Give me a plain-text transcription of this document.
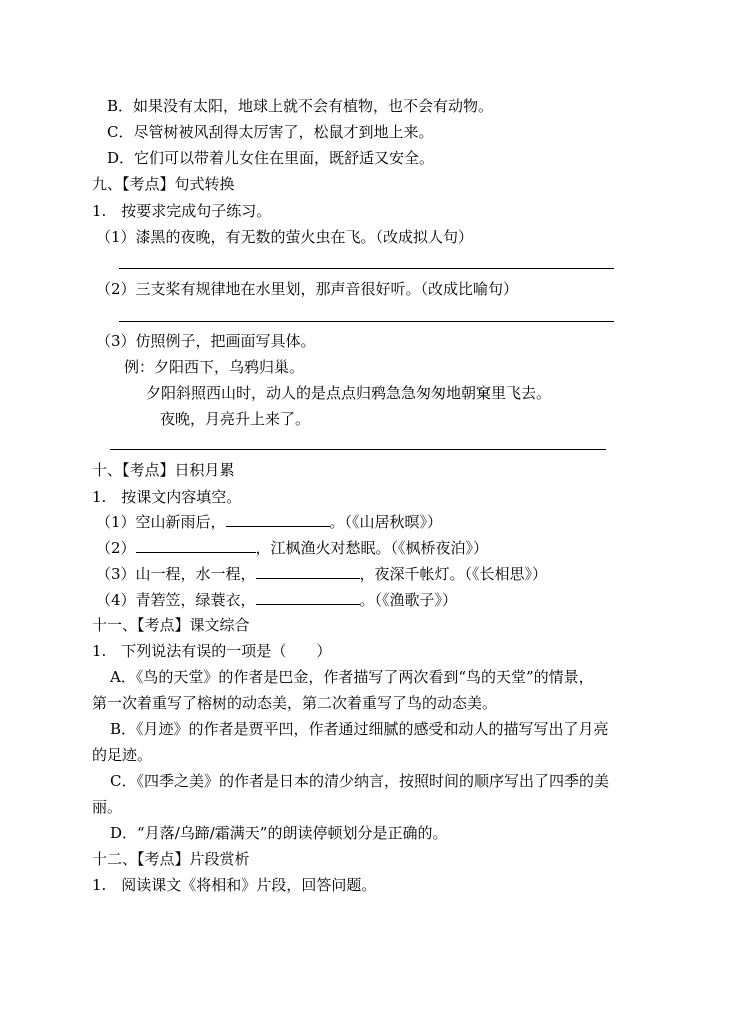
B．如果没有太阳，地球上就不会有植物，也不会有动物。
C．尽管树被风刮得太厉害了，松鼠才到地上来。
D．它们可以带着儿女住在里面，既舒适又安全。
九、【考点】句式转换
1.　按要求完成句子练习。
（1）漆黑的夜晚，有无数的萤火虫在飞。（改成拟人句）
（2）三支桨有规律地在水里划，那声音很好听。（改成比喻句）
（3）仿照例子，把画面写具体。
例：夕阳西下，乌鸦归巢。
夕阳斜照西山时，动人的是点点归鸦急急匆匆地朝窠里飞去。
夜晚，月亮升上来了。
十、【考点】日积月累
1.　按课文内容填空。
（1）空山新雨后，	。（《山居秋暝》）
（2）	，江枫渔火对愁眠。（《枫桥夜泊》）
（3）山一程，水一程，	，夜深千帐灯。（《长相思》）
（4）青箬笠，绿蓑衣，	。（《渔歌子》）
十一、【考点】课文综合
1.　下列说法有误的一项是（　　）
A．《鸟的天堂》的作者是巴金，作者描写了两次看到“鸟的天堂”的情景，
第一次着重写了榕树的动态美，第二次着重写了鸟的动态美。
B．《月迹》的作者是贾平凹，作者通过细腻的感受和动人的描写写出了月亮
的足迹。
C．《四季之美》的作者是日本的清少纳言，按照时间的顺序写出了四季的美
丽。
D．“月落/乌蹄/霜满天”的朗读停顿划分是正确的。
十二、【考点】片段赏析
1.　阅读课文《将相和》片段，回答问题。
